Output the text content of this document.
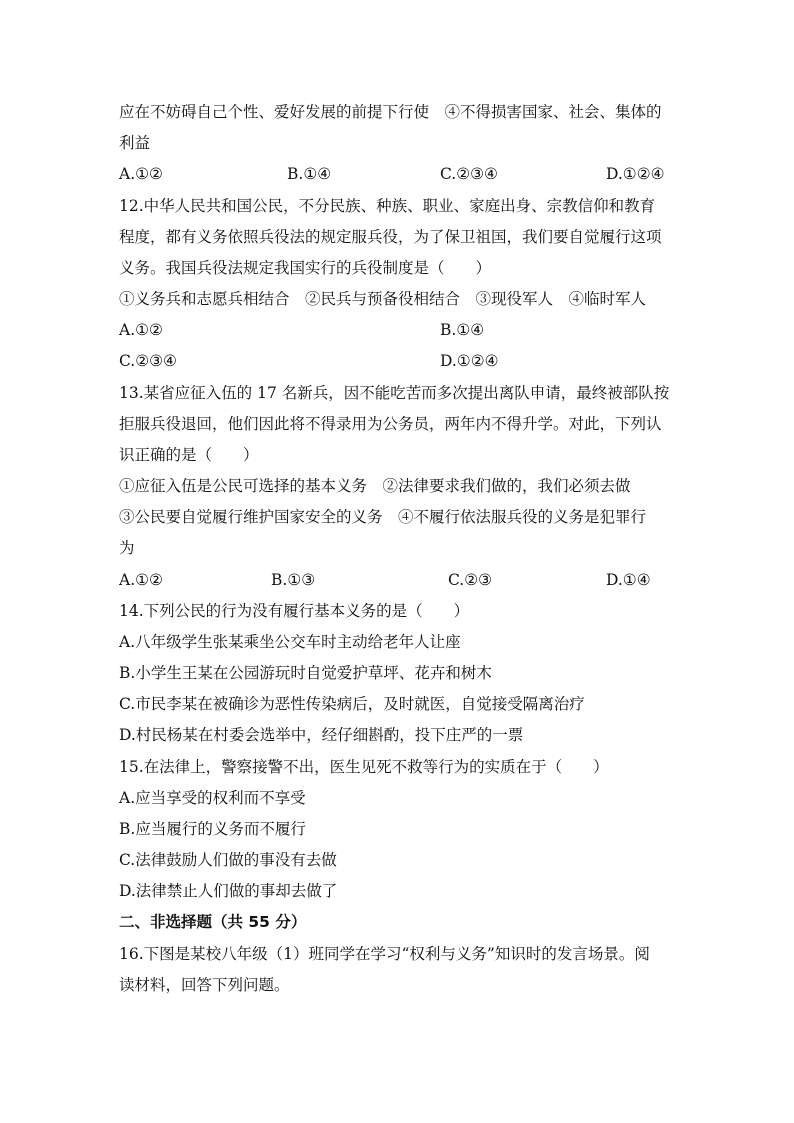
应在不妨碍自己个性、爱好发展的前提下行使　④不得损害国家、社会、集体的
利益
A.①②	B.①④	C.②③④	D.①②④
12.中华人民共和国公民，不分民族、种族、职业、家庭出身、宗教信仰和教育
程度，都有义务依照兵役法的规定服兵役，为了保卫祖国，我们要自觉履行这项
义务。我国兵役法规定我国实行的兵役制度是（　　）
①义务兵和志愿兵相结合　②民兵与预备役相结合　③现役军人　④临时军人
A.①②	B.①④
C.②③④	D.①②④
13.某省应征入伍的 17 名新兵，因不能吃苦而多次提出离队申请，最终被部队按
拒服兵役退回，他们因此将不得录用为公务员，两年内不得升学。对此，下列认
识正确的是（　　）
①应征入伍是公民可选择的基本义务　②法律要求我们做的，我们必须去做
③公民要自觉履行维护国家安全的义务　④不履行依法服兵役的义务是犯罪行
为
A.①②	B.①③	C.②③	D.①④
14.下列公民的行为没有履行基本义务的是（　　）
A.八年级学生张某乘坐公交车时主动给老年人让座
B.小学生王某在公园游玩时自觉爱护草坪、花卉和树木
C.市民李某在被确诊为恶性传染病后，及时就医，自觉接受隔离治疗
D.村民杨某在村委会选举中，经仔细斟酌，投下庄严的一票
15.在法律上，警察接警不出，医生见死不救等行为的实质在于（　　）
A.应当享受的权利而不享受
B.应当履行的义务而不履行
C.法律鼓励人们做的事没有去做
D.法律禁止人们做的事却去做了
二、非选择题（共 55 分）
16.下图是某校八年级（1）班同学在学习“权利与义务”知识时的发言场景。阅
读材料，回答下列问题。
